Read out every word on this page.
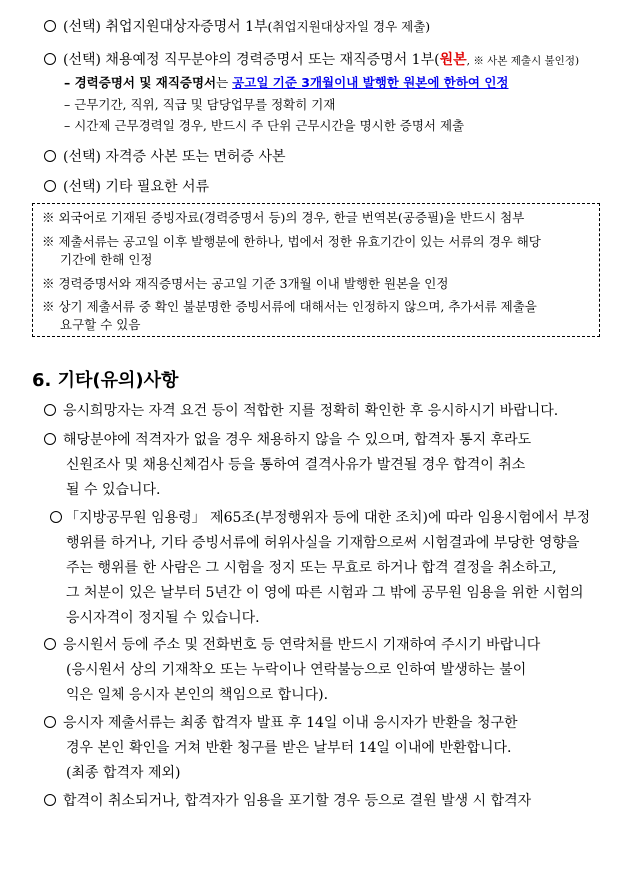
(선택) 취업지원대상자증명서 1부(취업지원대상자일 경우 제출)
(선택) 채용예정 직무분야의 경력증명서 또는 재직증명서 1부(원본, ※ 사본 제출시 불인정)
– 경력증명서 및 재직증명서는 공고일 기준 3개월이내 발행한 원본에 한하여 인정
– 근무기간, 직위, 직급 및 담당업무를 정확히 기재
– 시간제 근무경력일 경우, 반드시 주 단위 근무시간을 명시한 증명서 제출
(선택) 자격증 사본 또는 면허증 사본
(선택) 기타 필요한 서류
※ 외국어로 기재된 증빙자료(경력증명서 등)의 경우, 한글 번역본(공증필)을 반드시 첨부
※ 제출서류는 공고일 이후 발행분에 한하나, 법에서 정한 유효기간이 있는 서류의 경우 해당
기간에 한해 인정
※ 경력증명서와 재직증명서는 공고일 기준 3개월 이내 발행한 원본을 인정
※ 상기 제출서류 중 확인 불분명한 증빙서류에 대해서는 인정하지 않으며, 추가서류 제출을
요구할 수 있음
6. 기타(유의)사항
응시희망자는 자격 요건 등이 적합한 지를 정확히 확인한 후 응시하시기 바랍니다.
해당분야에 적격자가 없을 경우 채용하지 않을 수 있으며, 합격자 통지 후라도
신원조사 및 채용신체검사 등을 통하여 결격사유가 발견될 경우 합격이 취소
될 수 있습니다.
「지방공무원 임용령」 제65조(부정행위자 등에 대한 조치)에 따라 임용시험에서 부정
행위를 하거나, 기타 증빙서류에 허위사실을 기재함으로써 시험결과에 부당한 영향을
주는 행위를 한 사람은 그 시험을 정지 또는 무효로 하거나 합격 결정을 취소하고,
그 처분이 있은 날부터 5년간 이 영에 따른 시험과 그 밖에 공무원 임용을 위한 시험의
응시자격이 정지될 수 있습니다.
응시원서 등에 주소 및 전화번호 등 연락처를 반드시 기재하여 주시기 바랍니다
(응시원서 상의 기재착오 또는 누락이나 연락불능으로 인하여 발생하는 불이
익은 일체 응시자 본인의 책임으로 합니다).
응시자 제출서류는 최종 합격자 발표 후 14일 이내 응시자가 반환을 청구한
경우 본인 확인을 거쳐 반환 청구를 받은 날부터 14일 이내에 반환합니다.
(최종 합격자 제외)
합격이 취소되거나, 합격자가 임용을 포기할 경우 등으로 결원 발생 시 합격자
